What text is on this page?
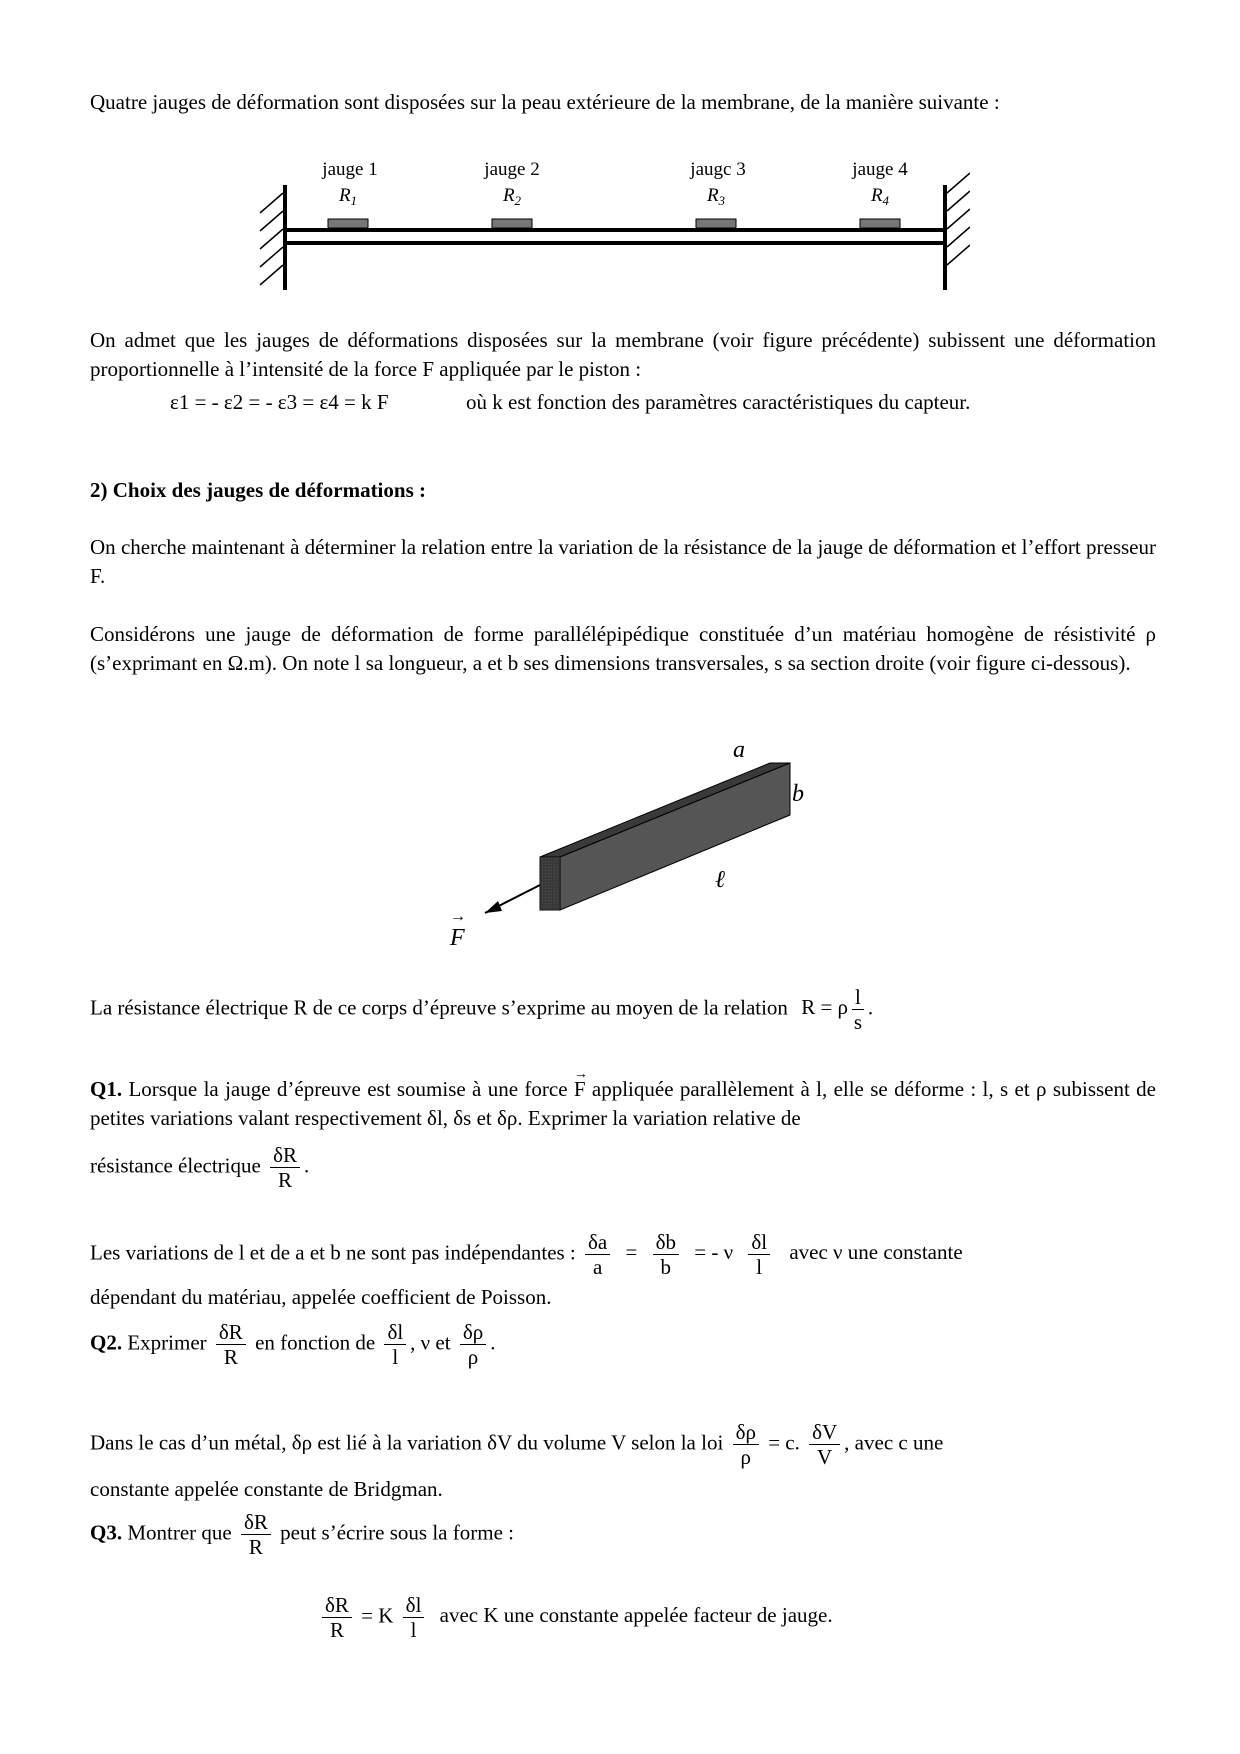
Quatre jauges de déformation sont disposées sur la peau extérieure de la membrane, de la manière suivante :
jauge 1
$R_1$
jauge 2
$R_2$
jaugc 3
$R_3$
jauge 4
$R_4$
On admet que les jauges de déformations disposées sur la membrane (voir figure précédente) subissent une déformation proportionnelle à l’intensité de la force F appliquée par le piston :
ε1 = - ε2 = - ε3 = ε4 = k F	où k est fonction des paramètres caractéristiques du capteur.
2) Choix des jauges de déformations :
On cherche maintenant à déterminer la relation entre la variation de la résistance de la jauge de déformation et l’effort presseur F.
Considérons une jauge de déformation de forme parallélépipédique constituée d’un matériau homogène de résistivité ρ (s’exprimant en Ω.m). On note l sa longueur, a et b ses dimensions transversales, s sa section droite (voir figure ci-dessous).
a
b
ℓ
F
→
La résistance électrique R de ce corps d’épreuve s’exprime au moyen de la relation R = ρ $\frac{l}{s}$ .
Q1. Lorsque la jauge d’épreuve est soumise à une force → F appliquée parallèlement à l, elle se déforme : l, s et ρ subissent de petites variations valant respectivement δl, δs et δρ. Exprimer la variation relative de
résistance électrique $\frac{\delta R}{R}$ .
Les variations de l et de a et b ne sont pas indépendantes : $\frac{\delta a}{a} = \frac{\delta b}{b}$ = - ν $\frac{\delta l}{l}$ avec ν une constante
dépendant du matériau, appelée coefficient de Poisson.
Q2. Exprimer $\frac{\delta R}{R}$ en fonction de $\frac{\delta l}{l}$ , ν et $\frac{\delta\rho}{\rho}$ .
Dans le cas d’un métal, δρ est lié à la variation δV du volume V selon la loi $\frac{\delta\rho}{\rho} = c$. $\frac{\delta V}{V}$ , avec c une
constante appelée constante de Bridgman.
Q3. Montrer que $\frac{\delta R}{R}$ peut s’écrire sous la forme :
$\frac{\delta R}{R} = K \frac{\delta l}{l}$ avec K une constante appelée facteur de jauge.
